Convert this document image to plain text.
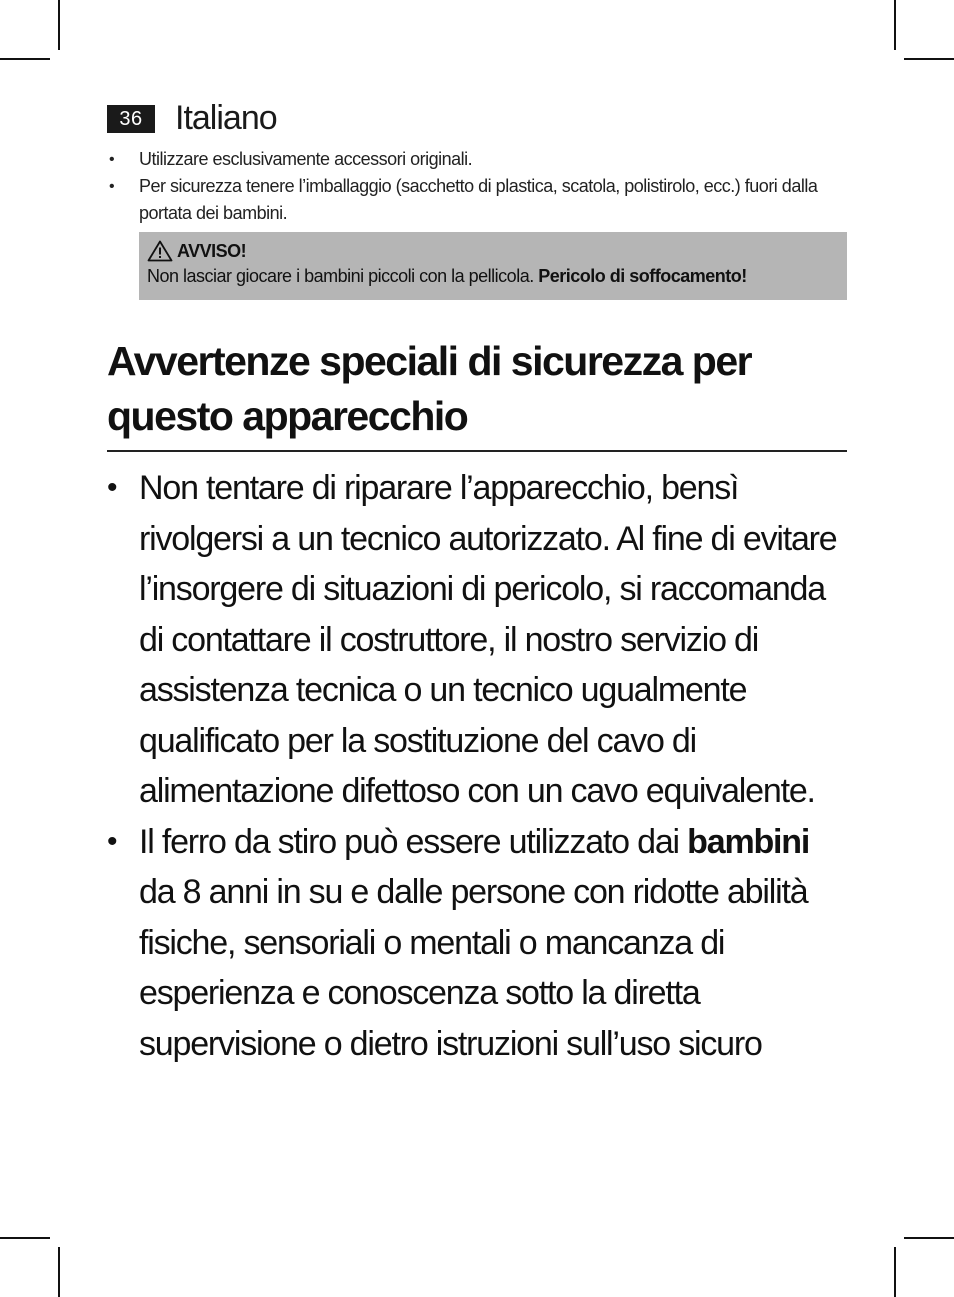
36 Italiano
• Utilizzare esclusivamente accessori originali.
• Per sicurezza tenere l’imballaggio (sacchetto di plastica, scatola, polistirolo, ecc.) fuori dalla portata dei bambini.
AVVISO!
Non lasciar giocare i bambini piccoli con la pellicola. Pericolo di soffocamento!
Avvertenze speciali di sicurezza per questo apparecchio
• Non tentare di riparare l’apparecchio, bensì rivolgersi a un tecnico autorizzato. Al fine di evitare l’insorgere di situazioni di pericolo, si raccomanda di contattare il costruttore, il nostro servizio di assistenza tecnica o un tecnico ugualmente qualificato per la sostituzione del cavo di alimentazione difettoso con un cavo equivalente.
• Il ferro da stiro può essere utilizzato dai bambini da 8 anni in su e dalle persone con ridotte abilità fisiche, sensoriali o mentali o mancanza di esperienza e conoscenza sotto la diretta supervisione o dietro istruzioni sull’uso sicuro
